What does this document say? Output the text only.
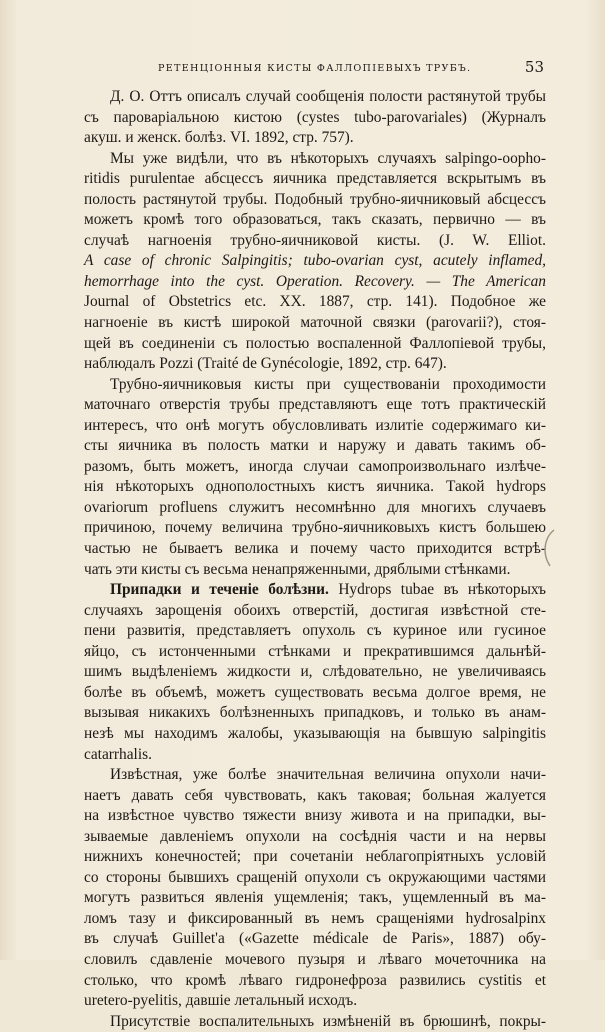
РЕТЕНЦIОННЫЯ КИСТЫ ФАЛЛОПIЕВЫХЪ ТРУБЪ.	53

Д. О. Оттъ описалъ случай сообщенія полости растянутой трубы
съ паровaріальною кистою (cystes tubo-parovariales) (Журналъ
акуш. и женск. болѣз. VI. 1892, стр. 757).

Мы уже видѣли, что въ нѣкоторыхъ случаяхъ salpingo-oophо-
ritidis purulentae абсцессъ яичника представляется вскрытымъ въ
полость растянутой трубы. Подобный трубно-яичниковый абсцессъ
можетъ кромѣ того образоваться, такъ сказать, первично — въ
случаѣ нагноенія трубно-яичниковой кисты. (J. W. Elliot.
A case of chronic Salpingitis; tubo-ovarian cyst, acutely inflamed,
hemorrhage into the cyst. Operation. Recovery. — The American
Journal of Obstetrics etc. XX. 1887, стр. 141). Подобное же
нагноеніе въ кистѣ широкой маточной связки (parovarii?), стоя-
щей въ соединеніи съ полостью воспаленной Фаллопіевой трубы,
наблюдалъ Pozzi (Traité de Gynécologie, 1892, стр. 647).

Трубно-яичниковыя кисты при существованіи проходимости
маточнаго отверстія трубы представляютъ еще тотъ практическій
интересъ, что онѣ могутъ обусловливать излитіе содержимаго ки-
сты яичника въ полость матки и наружу и давать такимъ об-
разомъ, быть можетъ, иногда случаи самопроизвольнаго излѣче-
нія нѣкоторыхъ однополостныхъ кистъ яичника. Такой hydrops
ovariorum profluens служитъ несомнѣнно для многихъ случаевъ
причиною, почему величина трубно-яичниковыхъ кистъ большею
частью не бываетъ велика и почему часто приходится встрѣ-
чать эти кисты съ весьма ненапряженными, дряблыми стѣнками.

Припадки и теченіе болѣзни. Hydrops tubae въ нѣкоторыхъ
случаяхъ зарощенія обоихъ отверстій, достигая извѣстной сте-
пени развитія, представляетъ опухоль съ куриное или гусиное
яйцо, съ истонченными стѣнками и прекратившимся дальнѣй-
шимъ выдѣленіемъ жидкости и, слѣдовательно, не увеличиваясь
болѣе въ объемѣ, можетъ существовать весьма долгое время, не
вызывая никакихъ болѣзненныхъ припадковъ, и только въ анам-
незѣ мы находимъ жалобы, указывающія на бывшую salpingitis
catarrhalis.

Извѣстная, уже болѣе значительная величина опухоли начи-
наетъ давать себя чувствовать, какъ таковая; больная жалуется
на извѣстное чувство тяжести внизу живота и на припадки, вы-
зываемые давленіемъ опухоли на сосѣднія части и на нервы
нижнихъ конечностей; при сочетаніи неблагопріятныхъ условій
со стороны бывшихъ сращеній опухоли съ окружающими частями
могутъ развиться явленія ущемленія; такъ, ущемленный въ ма-
ломъ тазу и фиксированный въ немъ сращеніями hydrosalpinx
въ случаѣ Guillet'a («Gazette médicale de Paris», 1887) обу-
словилъ сдавленіе мочевого пузыря и лѣваго мочеточника на
столько, что кромѣ лѣваго гидронефроза развились cystitis et
ureterо-pyelitis, давшіе летальный исходъ.

Присутствіе воспалительныхъ измѣненій въ брюшинѣ, покры-
